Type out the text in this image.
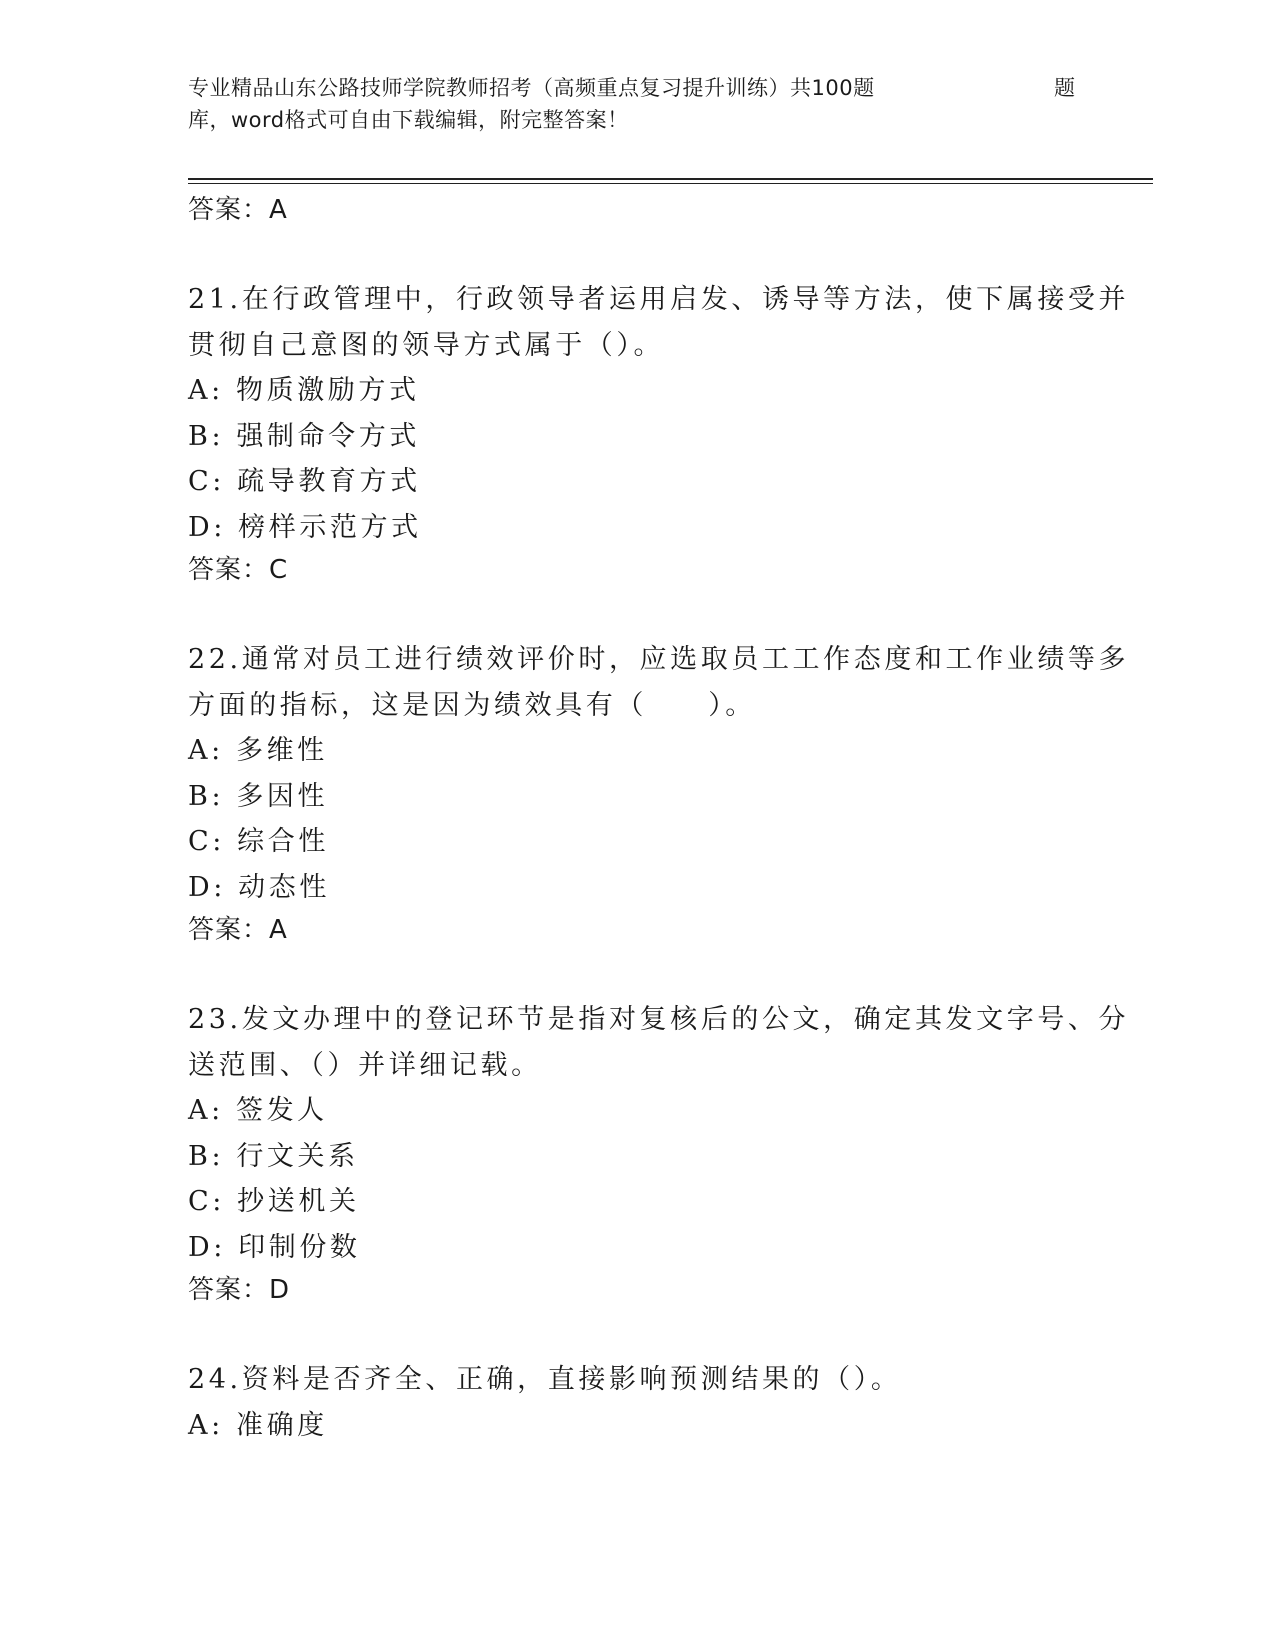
专业精品山东公路技师学院教师招考（高频重点复习提升训练）共100题	题
库，word格式可自由下载编辑，附完整答案！
答案：A
21.在行政管理中，行政领导者运用启发、诱导等方法，使下属接受并
贯彻自己意图的领导方式属于（）。
A: 物质激励方式
B: 强制命令方式
C: 疏导教育方式
D: 榜样示范方式
答案：C
22.通常对员工进行绩效评价时，应选取员工工作态度和工作业绩等多
方面的指标，这是因为绩效具有（　　）。
A: 多维性
B: 多因性
C: 综合性
D: 动态性
答案：A
23.发文办理中的登记环节是指对复核后的公文，确定其发文字号、分
送范围、（）并详细记载。
A: 签发人
B: 行文关系
C: 抄送机关
D: 印制份数
答案：D
24.资料是否齐全、正确，直接影响预测结果的（）。
A: 准确度
